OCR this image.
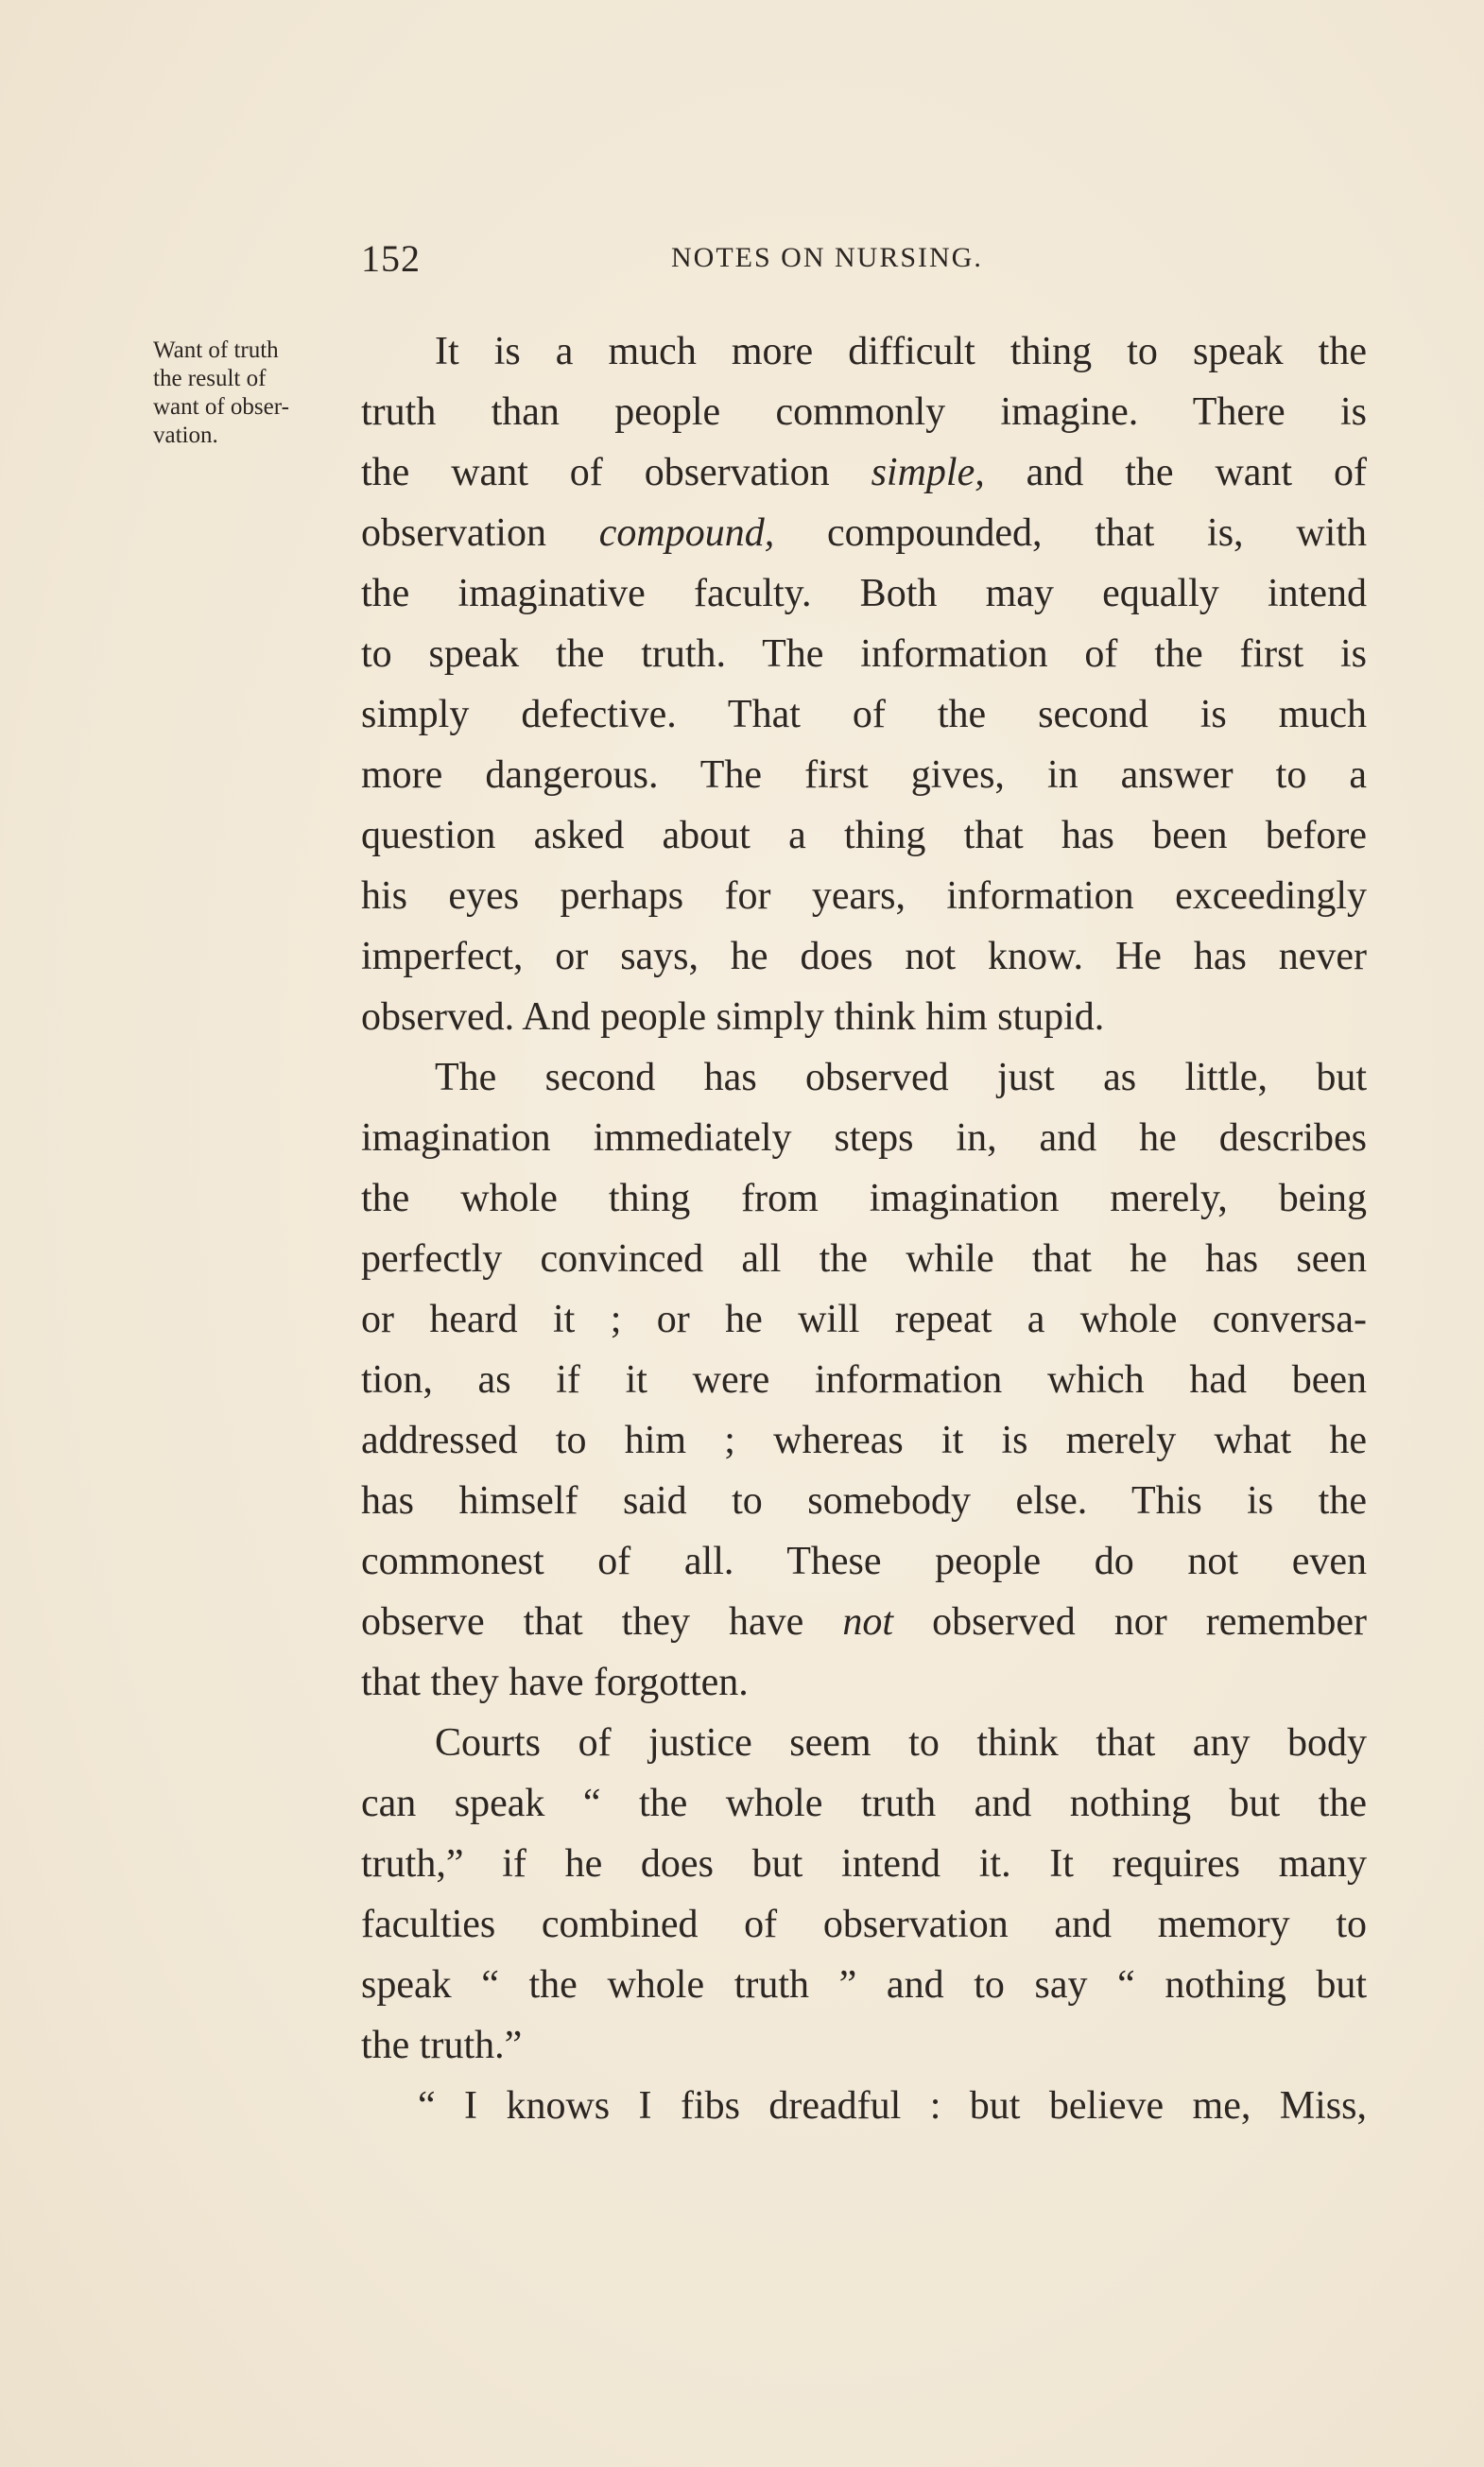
152	NOTES ON NURSING.
Want of truth
the result of
want of obser-
vation.
It is a much more difficult thing to speak the
truth than people commonly imagine. There is
the want of observation simple, and the want of
observation compound, compounded, that is, with
the imaginative faculty. Both may equally intend
to speak the truth. The information of the first is
simply defective. That of the second is much
more dangerous. The first gives, in answer to a
question asked about a thing that has been before
his eyes perhaps for years, information exceedingly
imperfect, or says, he does not know. He has never
observed. And people simply think him stupid.
The second has observed just as little, but
imagination immediately steps in, and he describes
the whole thing from imagination merely, being
perfectly convinced all the while that he has seen
or heard it ; or he will repeat a whole conversa-
tion, as if it were information which had been
addressed to him ; whereas it is merely what he
has himself said to somebody else. This is the
commonest of all. These people do not even
observe that they have not observed nor remember
that they have forgotten.
Courts of justice seem to think that any body
can speak “ the whole truth and nothing but the
truth,” if he does but intend it. It requires many
faculties combined of observation and memory to
speak “ the whole truth ” and to say “ nothing but
the truth.”
“ I knows I fibs dreadful : but believe me, Miss,
